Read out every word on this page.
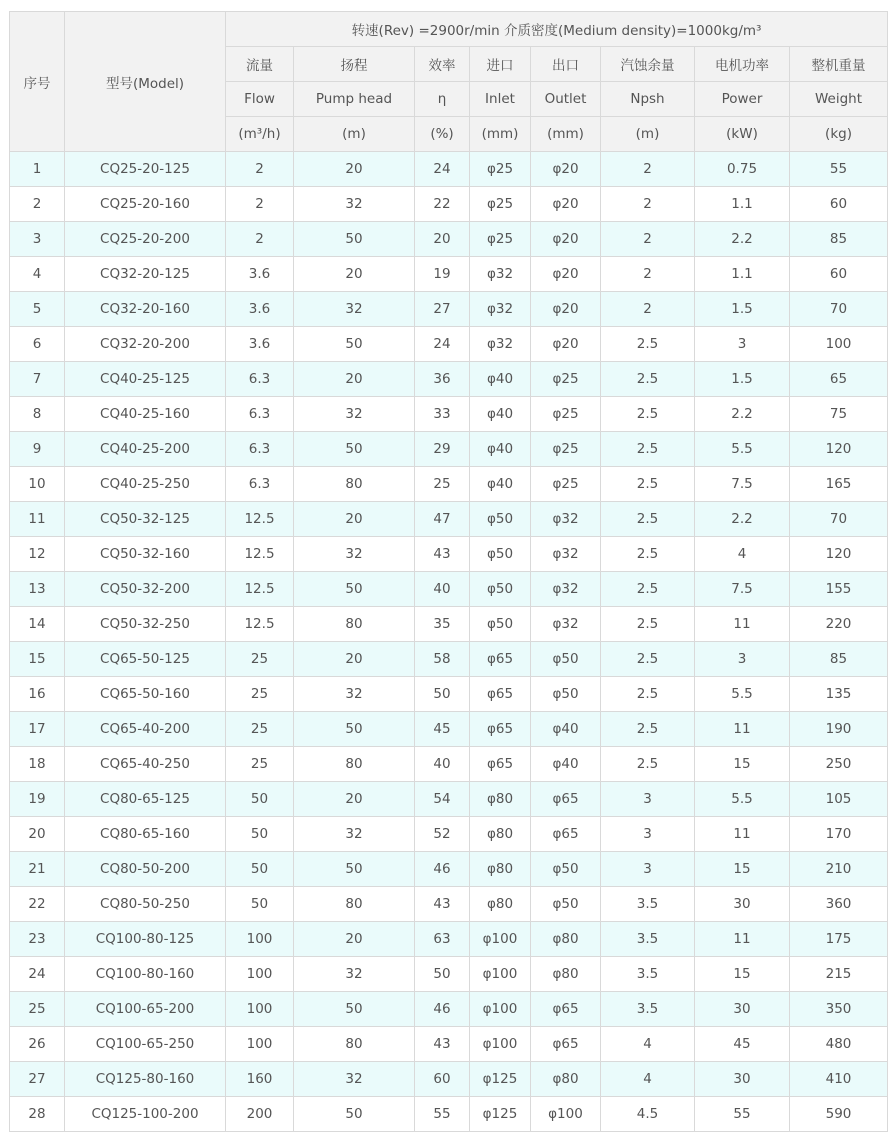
序号	型号(Model)	转速(Rev) =2900r/min 介质密度(Medium density)=1000kg/m³							
		流量	扬程	效率	进口	出口	汽蚀余量	电机功率	整机重量
		Flow	Pump head	η	Inlet	Outlet	Npsh	Power	Weight
		(m³/h)	(m)	(%)	(mm)	(mm)	(m)	(kW)	(kg)
1	CQ25-20-125	2	20	24	φ25	φ20	2	0.75	55
2	CQ25-20-160	2	32	22	φ25	φ20	2	1.1	60
3	CQ25-20-200	2	50	20	φ25	φ20	2	2.2	85
4	CQ32-20-125	3.6	20	19	φ32	φ20	2	1.1	60
5	CQ32-20-160	3.6	32	27	φ32	φ20	2	1.5	70
6	CQ32-20-200	3.6	50	24	φ32	φ20	2.5	3	100
7	CQ40-25-125	6.3	20	36	φ40	φ25	2.5	1.5	65
8	CQ40-25-160	6.3	32	33	φ40	φ25	2.5	2.2	75
9	CQ40-25-200	6.3	50	29	φ40	φ25	2.5	5.5	120
10	CQ40-25-250	6.3	80	25	φ40	φ25	2.5	7.5	165
11	CQ50-32-125	12.5	20	47	φ50	φ32	2.5	2.2	70
12	CQ50-32-160	12.5	32	43	φ50	φ32	2.5	4	120
13	CQ50-32-200	12.5	50	40	φ50	φ32	2.5	7.5	155
14	CQ50-32-250	12.5	80	35	φ50	φ32	2.5	11	220
15	CQ65-50-125	25	20	58	φ65	φ50	2.5	3	85
16	CQ65-50-160	25	32	50	φ65	φ50	2.5	5.5	135
17	CQ65-40-200	25	50	45	φ65	φ40	2.5	11	190
18	CQ65-40-250	25	80	40	φ65	φ40	2.5	15	250
19	CQ80-65-125	50	20	54	φ80	φ65	3	5.5	105
20	CQ80-65-160	50	32	52	φ80	φ65	3	11	170
21	CQ80-50-200	50	50	46	φ80	φ50	3	15	210
22	CQ80-50-250	50	80	43	φ80	φ50	3.5	30	360
23	CQ100-80-125	100	20	63	φ100	φ80	3.5	11	175
24	CQ100-80-160	100	32	50	φ100	φ80	3.5	15	215
25	CQ100-65-200	100	50	46	φ100	φ65	3.5	30	350
26	CQ100-65-250	100	80	43	φ100	φ65	4	45	480
27	CQ125-80-160	160	32	60	φ125	φ80	4	30	410
28	CQ125-100-200	200	50	55	φ125	φ100	4.5	55	590
